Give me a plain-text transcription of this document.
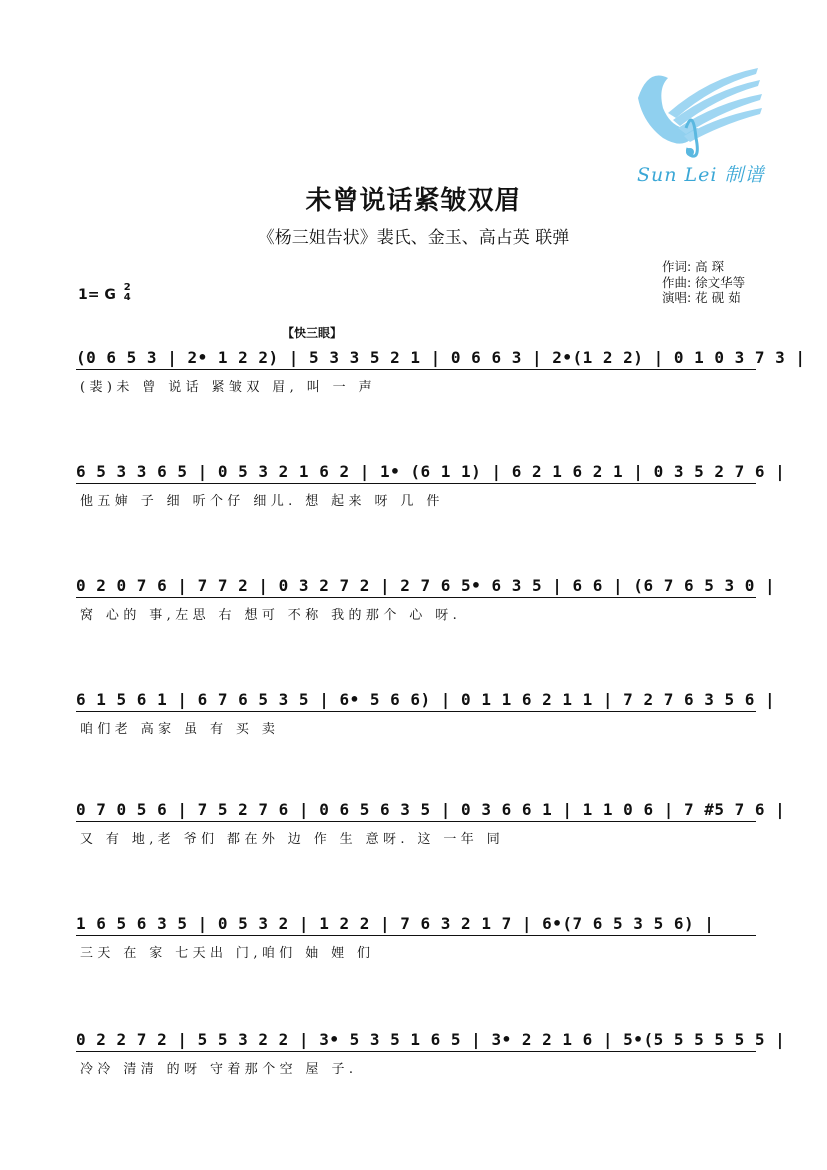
Sun Lei 制谱
未曾说话紧皱双眉
《杨三姐告状》裴氏、金玉、高占英 联弹
作词: 高 琛
作曲: 徐文华等
演唱: 花 砚 茹
1= G 2
4
【快三眼】
(0 6 5 3 | 2• 1 2 2) | 5 3 3 5 2 1 | 0 6 6 3 | 2•(1 2 2) | 0 1 0 3 7 3 |
(裴)未 曾 说话 紧皱双 眉, 叫 一 声
6 5 3 3 6 5 | 0 5 3 2 1 6 2 | 1• (6 1 1) | 6 2 1 6 2 1 | 0 3 5 2 7 6 |
他五婶 子 细 听个仔 细儿. 想 起来 呀 几 件
0 2 0 7 6 | 7 7 2 | 0 3 2 7 2 | 2 7 6 5• 6 3 5 | 6 6 | (6 7 6 5 3 0 |
窝 心的 事,左思 右 想可 不称 我的那个 心 呀.
6 1 5 6 1 | 6 7 6 5 3 5 | 6• 5 6 6) | 0 1 1 6 2 1 1 | 7 2 7 6 3 5 6 |
咱们老 高家 虽 有 买 卖
0 7 0 5 6 | 7 5 2 7 6 | 0 6 5 6 3 5 | 0 3 6 6 1 | 1 1 0 6 | 7 #5 7 6 |
又 有 地,老 爷们 都在外 边 作 生 意呀. 这 一年 同
1 6 5 6 3 5 | 0 5 3 2 | 1 2 2 | 7 6 3 2 1 7 | 6•(7 6 5 3 5 6) |
三天 在 家 七天出 门,咱们 妯 娌 们
0 2 2 7 2 | 5 5 3 2 2 | 3• 5 3 5 1 6 5 | 3• 2 2 1 6 | 5•(5 5 5 5 5 5 |
冷冷 清清 的呀 守着那个空 屋 子.
